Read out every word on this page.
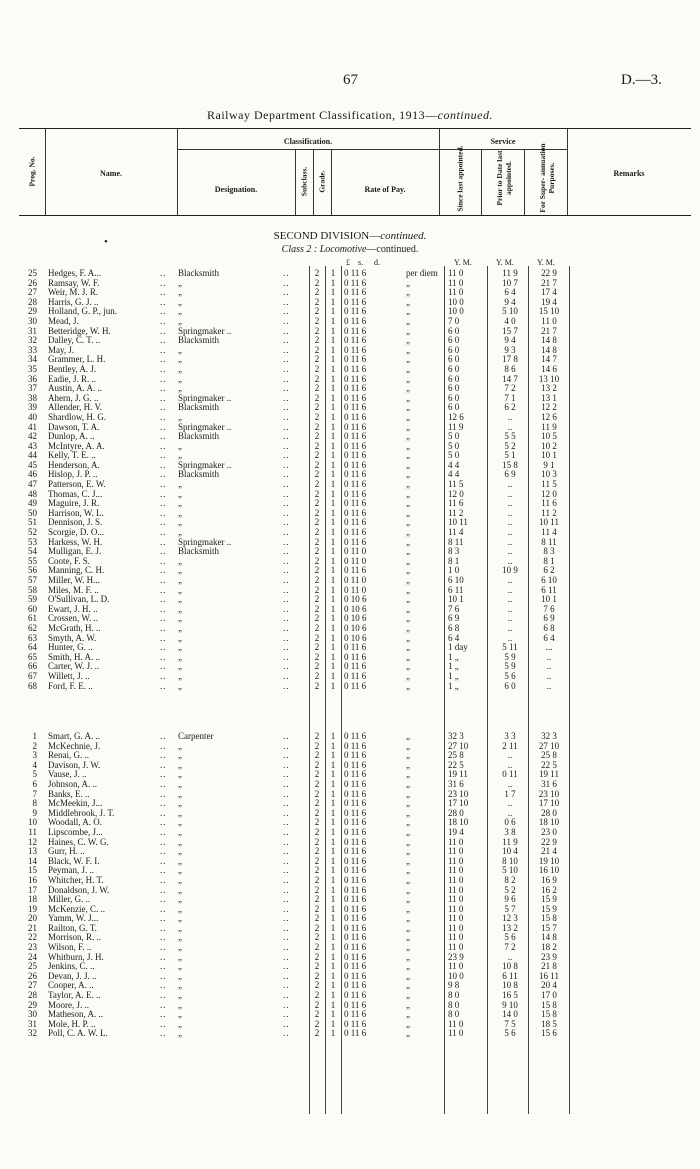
67	D.—3.
Railway Department Classification, 1913—continued.
Classification.	Service
Remarks
Name.
Prog. No.
Designation.	Subclass. Grade.	Rate of Pay.	Since last appointed.	Prior to Date last appointed.	For Super- annuation Purposes.
•	SECOND DIVISION—continued.
Class 2 : Locomotive—continued.
£ s. d.	Y. M.	Y. M.	Y. M.
25 Hedges, F. A...	.. Blacksmith	..	2	1 0 11 6	per diem 11 0	11 9	22 9
26 Ramsay, W. F.	.. „	..	2	1 0 11 6	„	11 0	10 7	21 7
27 Weir, M. J. R.	.. „	..	2	1 0 11 6	„	11 0	6 4	17 4
28 Harris, G. J. ..	.. „	..	2	1 0 11 6	„	10 0	9 4	19 4
29 Holland, G. P., jun.	.. „	..	2	1 0 11 6	„	10 0	5 10	15 10
30 Mead, J.	.. „	..	2	1 0 11 6	„	7 0	4 0	11 0
31 Betteridge, W. H.	.. Springmaker ..	..	2	1 0 11 6	„	6 0	15 7	21 7
32 Dalley, C. T. ..	.. Blacksmith	..	2	1 0 11 6	„	6 0	9 4	14 8
33 May, J.	.. „	..	2	1 0 11 6	„	6 0	9 3	14 8
34 Grammer, L. H.	.. „	..	2	1 0 11 6	„	6 0	17 8	14 7
35 Bentley, A. J.	.. „	..	2	1 0 11 6	„	6 0	8 6	14 6
36 Eadie, J. R. ..	.. „	..	2	1 0 11 6	„	6 0	14 7	13 10
37 Austin, A. A. ..	.. „	..	2	1 0 11 6	„	6 0	7 2	13 2
38 Ahern, J. G. ..	.. Springmaker ..	..	2	1 0 11 6	„	6 0	7 1	13 1
39 Allender, H. V.	.. Blacksmith	..	2	1 0 11 6	„	6 0	6 2	12 2
40 Shardlow, H. G.	.. „	..	2	1 0 11 6	„	12 6	..	12 6
41 Dawson, T. A.	.. Springmaker ..	..	2	1 0 11 6	„	11 9	..	11 9
42 Dunlop, A. ..	.. Blacksmith	..	2	1 0 11 6	„	5 0	5 5	10 5
43 McIntyre, A. A.	.. „	..	2	1 0 11 6	„	5 0	5 2	10 2
44 Kelly, T. E. ..	.. „	..	2	1 0 11 6	„	5 0	5 1	10 1
45 Henderson, A.	.. Springmaker ..	..	2	1 0 11 6	„	4 4	15 8	9 1
46 Hislop, J. P. ..	.. Blacksmith	..	2	1 0 11 6	„	4 4	6 9	10 3
47 Patterson, E. W.	.. „	..	2	1 0 11 6	„	11 5	..	11 5
48 Thomas, C. J...	.. „	..	2	1 0 11 6	„	12 0	..	12 0
49 Maguire, J. R.	.. „	..	2	1 0 11 6	„	11 6	..	11 6
50 Harrison, W. L.	.. „	..	2	1 0 11 6	„	11 2	..	11 2
51 Dennison, J. S.	.. „	..	2	1 0 11 6	„	10 11	..	10 11
52 Scorgie, D. O...	.. „	..	2	1 0 11 6	„	11 4	..	11 4
53 Harkess, W. H.	.. Springmaker ..	..	2	1 0 11 6	„	8 11	..	8 11
54 Mulligan, E. J.	.. Blacksmith	..	2	1 0 11 0	„	8 3	..	8 3
55 Coote, F. S.	.. „	..	2	1 0 11 0	„	8 1	..	8 1
56 Manning, C. H.	.. „	..	2	1 0 11 6	„	1 0	10 9	6 2
57 Miller, W. H...	.. „	..	2	1 0 11 0	„	6 10	..	6 10
58 Miles, M. F. ..	.. „	..	2	1 0 11 0	„	6 11	..	6 11
59 O'Sullivan, L. D.	.. „	..	2	1 0 10 6	„	10 1	..	10 1
60 Ewart, J. H. ..	.. „	..	2	1 0 10 6	„	7 6	..	7 6
61 Crossen, W. ..	.. „	..	2	1 0 10 6	„	6 9	..	6 9
62 McGrath, H. ..	.. „	..	2	1 0 10 6	„	6 8	..	6 8
63 Smyth, A. W.	.. „	..	2	1 0 10 6	„	6 4	..	6 4
64 Hunter, G. ..	.. „	..	2	1 0 11 6	„	1 day	5 11	...
65 Smith, H. A. ..	.. „	..	2	1 0 11 6	„	1 „	5 9	..
66 Carter, W. J. ..	.. „	..	2	1 0 11 6	„	1 „	5 9	..
67 Willett, J. ..	.. „	..	2	1 0 11 6	„	1 „	5 6	..
68 Ford, F. E. ..	.. „	..	2	1 0 11 6	„	1 „	6 0	..
1 Smart, G. A. ..	.. Carpenter	..	2	1 0 11 6	„	32 3	3 3	32 3
2 McKechnie, J.	.. „	..	2	1 0 11 6	„	27 10	2 11	27 10
3 Renai, G. ..	.. „	..	2	1 0 11 6	„	25 8	..	25 8
4 Davison, J. W.	.. „	..	2	1 0 11 6	„	22 5	..	22 5
5 Vause, J. ..	.. „	..	2	1 0 11 6	„	19 11	0 11	19 11
6 Johnson, A. ..	.. „	..	2	1 0 11 6	„	31 6	..	31 6
7 Banks, E. ..	.. „	..	2	1 0 11 6	„	23 10	1 7	23 10
8 McMeekin, J...	.. „	..	2	1 0 11 6	„	17 10	..	17 10
9 Middlebrook, J. T.	.. „	..	2	1 0 11 6	„	28 0	..	28 0
10 Woodall, A. O.	.. „	..	2	1 0 11 6	„	18 10	0 6	18 10
11 Lipscombe, J...	.. „	..	2	1 0 11 6	„	19 4	3 8	23 0
12 Haines, C. W. G.	.. „	..	2	1 0 11 6	„	11 0	11 9	22 9
13 Gurr, H. ..	.. „	..	2	1 0 11 6	„	11 0	10 4	21 4
14 Black, W. F. I.	.. „	..	2	1 0 11 6	„	11 0	8 10	19 10
15 Peyman, J. ..	.. „	..	2	1 0 11 6	„	11 0	5 10	16 10
16 Whitcher, H. T.	.. „	..	2	1 0 11 6	„	11 0	8 2	16 9
17 Donaldson, J. W.	.. „	..	2	1 0 11 6	„	11 0	5 2	16 2
18 Miller, G. ..	.. „	..	2	1 0 11 6	„	11 0	9 6	15 9
19 McKenzie, C. ..	.. „	..	2	1 0 11 6	„	11 0	5 7	15 9
20 Yamm, W. J...	.. „	..	2	1 0 11 6	„	11 0	12 3	15 8
21 Railton, G. T.	.. „	..	2	1 0 11 6	„	11 0	13 2	15 7
22 Morrison, R. ..	.. „	..	2	1 0 11 6	„	11 0	5 6	14 8
23 Wilson, F. ..	.. „	..	2	1 0 11 6	„	11 0	7 2	18 2
24 Whitburn, J. H.	.. „	..	2	1 0 11 6	„	23 9	..	23 9
25 Jenkins, C. ..	.. „	..	2	1 0 11 6	„	11 0	10 8	21 8
26 Devan, J. J. ..	.. „	..	2	1 0 11 6	„	10 0	6 11	16 11
27 Cooper, A. ..	.. „	..	2	1 0 11 6	„	9 8	10 8	20 4
28 Taylor, A. E. ..	.. „	..	2	1 0 11 6	„	8 0	16 5	17 0
29 Moore, J. ..	.. „	..	2	1 0 11 6	„	8 0	9 10	15 8
30 Matheson, A. ..	.. „	..	2	1 0 11 6	„	8 0	14 0	15 8
31 Mole, H. P. ..	.. „	..	2	1 0 11 6	„	11 0	7 5	18 5
32 Poll, C. A. W. L.	.. „	..	2	1 0 11 6	„	11 0	5 6	15 6
